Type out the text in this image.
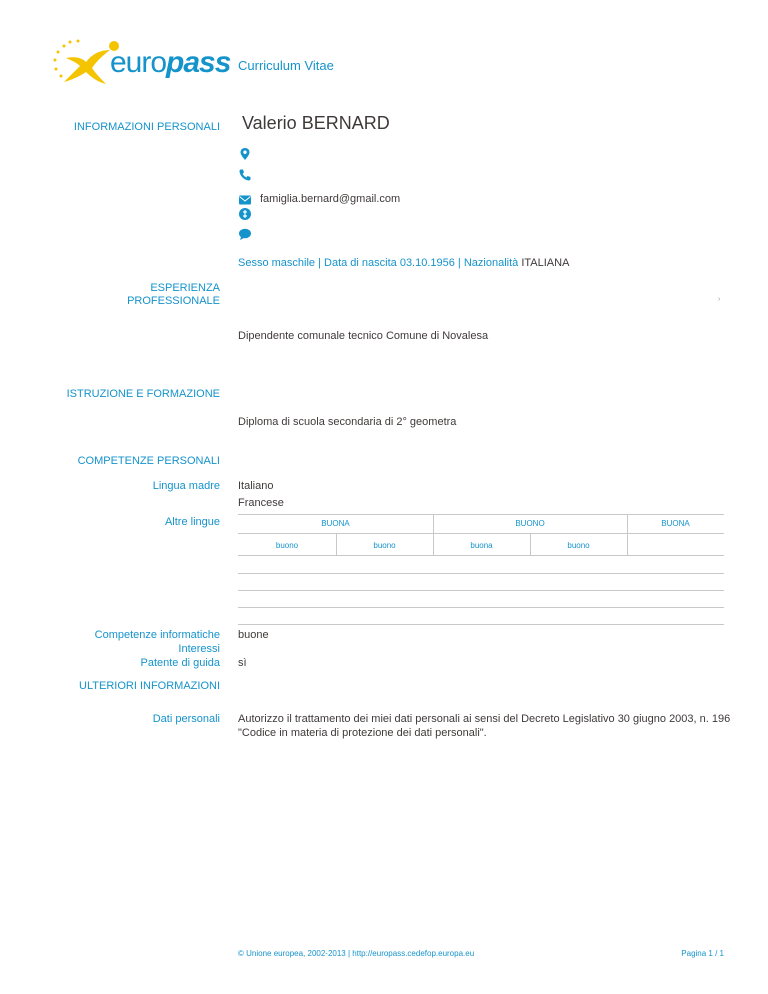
euro pass Curriculum Vitae
INFORMAZIONI PERSONALI Valerio BERNARD
famiglia.bernard@gmail.com
Sesso maschile | Data di nascita 03.10.1956 | Nazionalità ITALIANA
ESPERIENZA
PROFESSIONALE	›
Dipendente comunale tecnico Comune di Novalesa
ISTRUZIONE E FORMAZIONE
Diploma di scuola secondaria di 2° geometra
COMPETENZE PERSONALI
Lingua madre Italiano
Francese
Altre lingue	BUONA	BUONO	BUONA
buono	buono	buona	buono
Competenze informatiche buone
Interessi
Patente di guida sì
ULTERIORI INFORMAZIONI
Dati personali Autorizzo il trattamento dei miei dati personali ai sensi del Decreto Legislativo 30 giugno 2003, n. 196
"Codice in materia di protezione dei dati personali".
© Unione europea, 2002-2013 | http://europass.cedefop.europa.eu	Pagina 1 / 1
